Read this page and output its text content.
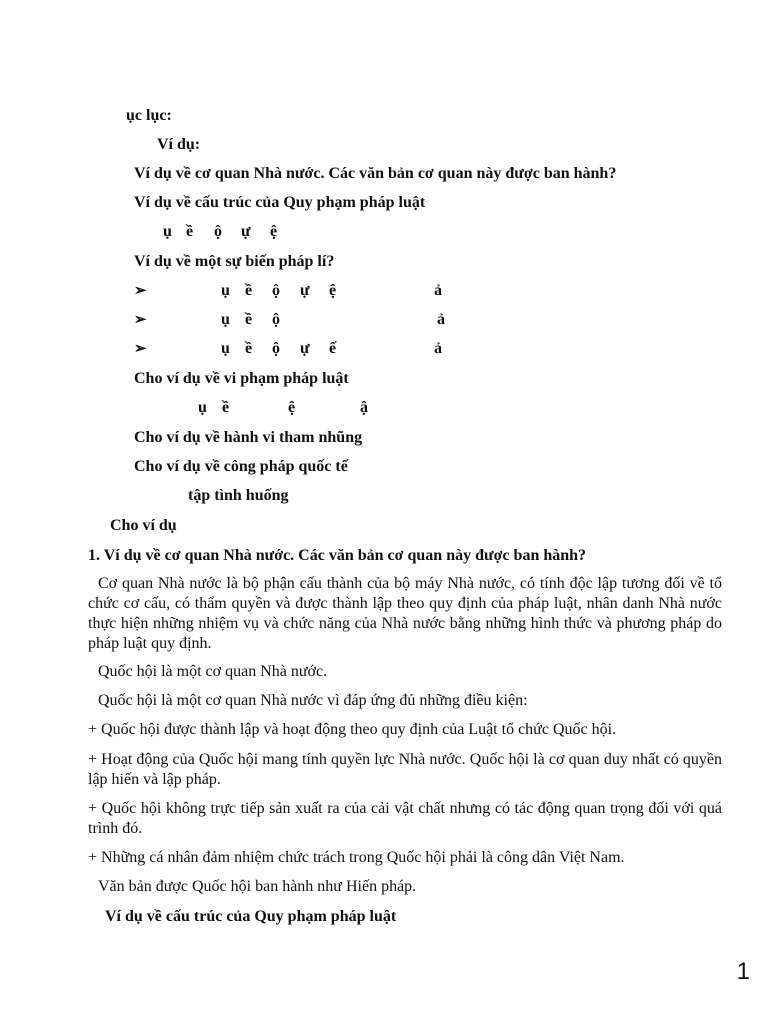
ục lục:
Ví dụ:
Ví dụ về cơ quan Nhà nước. Các văn bản cơ quan này được ban hành?
Ví dụ về cấu trúc của Quy phạm pháp luật
ụ ề ộ ự ệ
Ví dụ về một sự biến pháp lí?
➢	ụ ề ộ ự ệ	ả
➢	ụ ề ộ	ả
➢	ụ ề ộ ự ế	ả
Cho ví dụ về vi phạm pháp luật
ụ ề	ệ	ậ
Cho ví dụ về hành vi tham nhũng
Cho ví dụ về công pháp quốc tế
tập tình huống
Cho ví dụ
1. Ví dụ về cơ quan Nhà nước. Các văn bản cơ quan này được ban hành?
Cơ quan Nhà nước là bộ phận cấu thành của bộ máy Nhà nước, có tính độc lập tương đối về tổ chức cơ cấu, có thẩm quyền và được thành lập theo quy định của pháp luật, nhân danh Nhà nước thực hiện những nhiệm vụ và chức năng của Nhà nước bằng những hình thức và phương pháp do pháp luật quy định.
Quốc hội là một cơ quan Nhà nước.
Quốc hội là một cơ quan Nhà nước vì đáp ứng đủ những điều kiện:
+ Quốc hội được thành lập và hoạt động theo quy định của Luật tổ chức Quốc hội.
+ Hoạt động của Quốc hội mang tính quyền lực Nhà nước. Quốc hội là cơ quan duy nhất có quyền lập hiến và lập pháp.
+ Quốc hội không trực tiếp sản xuất ra của cải vật chất nhưng có tác động quan trọng đối với quá trình đó.
+ Những cá nhân đảm nhiệm chức trách trong Quốc hội phải là công dân Việt Nam.
Văn bản được Quốc hội ban hành như Hiến pháp.
Ví dụ về cấu trúc của Quy phạm pháp luật
1
